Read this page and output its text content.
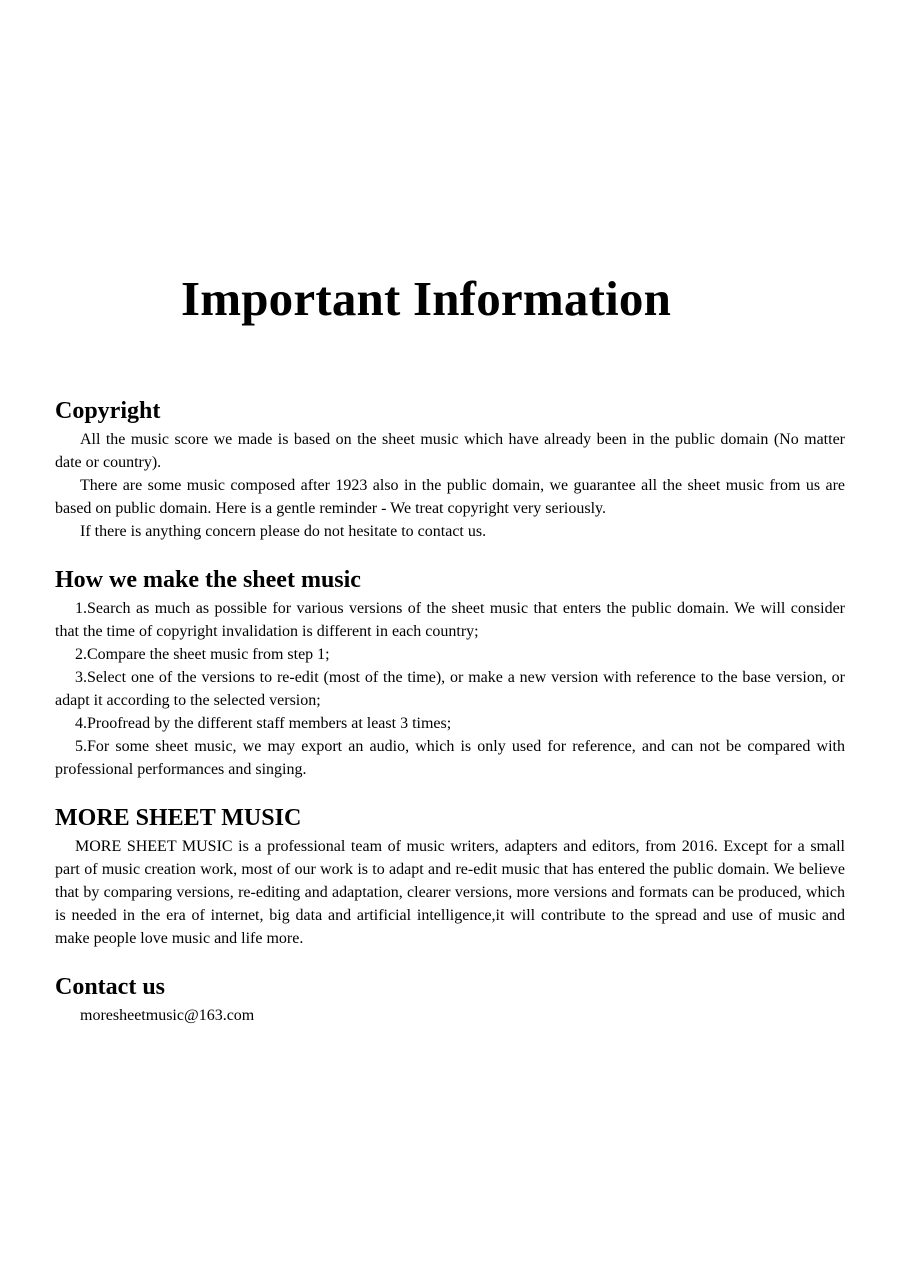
Important Information
Copyright

All the music score we made is based on the sheet music which have already been in the public domain (No matter date or country).

There are some music composed after 1923 also in the public domain, we guarantee all the sheet music from us are based on public domain. Here is a gentle reminder - We treat copyright very seriously.

If there is anything concern please do not hesitate to contact us.

How we make the sheet music

1.Search as much as possible for various versions of the sheet music that enters the public domain. We will consider that the time of copyright invalidation is different in each country;

2.Compare the sheet music from step 1;

3.Select one of the versions to re-edit (most of the time), or make a new version with reference to the base version, or adapt it according to the selected version;

4.Proofread by the different staff members at least 3 times;

5.For some sheet music, we may export an audio, which is only used for reference, and can not be compared with professional performances and singing.

MORE SHEET MUSIC

MORE SHEET MUSIC is a professional team of music writers, adapters and editors, from 2016. Except for a small part of music creation work, most of our work is to adapt and re-edit music that has entered the public domain. We believe that by comparing versions, re-editing and adaptation, clearer versions, more versions and formats can be produced, which is needed in the era of internet, big data and artificial intelligence,it will contribute to the spread and use of music and make people love music and life more.

Contact us

moresheetmusic@163.com
